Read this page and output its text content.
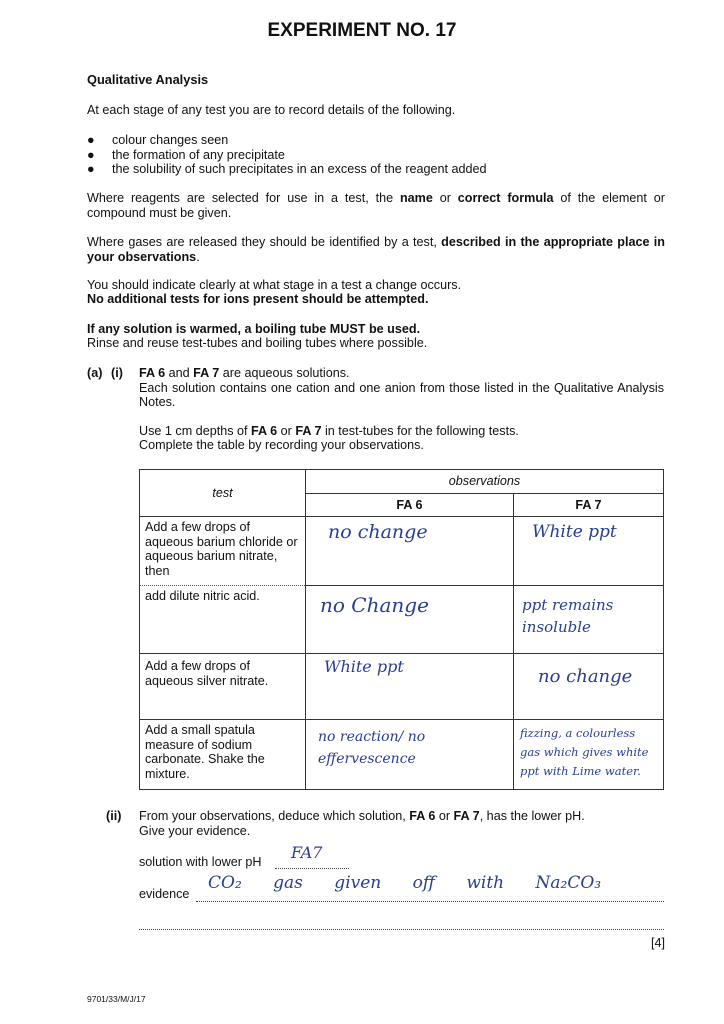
EXPERIMENT NO. 17
Qualitative Analysis
At each stage of any test you are to record details of the following.
● colour changes seen
● the formation of any precipitate
● the solubility of such precipitates in an excess of the reagent added
Where reagents are selected for use in a test, the name or correct formula of the element or compound must be given.
Where gases are released they should be identified by a test, described in the appropriate place in your observations.
You should indicate clearly at what stage in a test a change occurs.
No additional tests for ions present should be attempted.
If any solution is warmed, a boiling tube MUST be used.
Rinse and reuse test-tubes and boiling tubes where possible.
(a) (i) FA 6 and FA 7 are aqueous solutions.
Each solution contains one cation and one anion from those listed in the Qualitative Analysis Notes.
Use 1 cm depths of FA 6 or FA 7 in test-tubes for the following tests.
Complete the table by recording your observations.
test	observations	
	FA 6	FA 7
Add a few drops of aqueous barium chloride or aqueous barium nitrate, then	no change	White ppt
add dilute nitric acid.	no Change	ppt remains insoluble
Add a few drops of aqueous silver nitrate.	White ppt	no change
Add a small spatula measure of sodium carbonate. Shake the mixture.	no reaction/ no effervescence	fizzing, a colourless gas which gives white ppt with Lime water.
(ii) From your observations, deduce which solution, FA 6 or FA 7, has the lower pH.
Give your evidence.
solution with lower pH FA7
evidence
CO₂ gas given off with Na₂CO₃
[4]
9701/33/M/J/17
